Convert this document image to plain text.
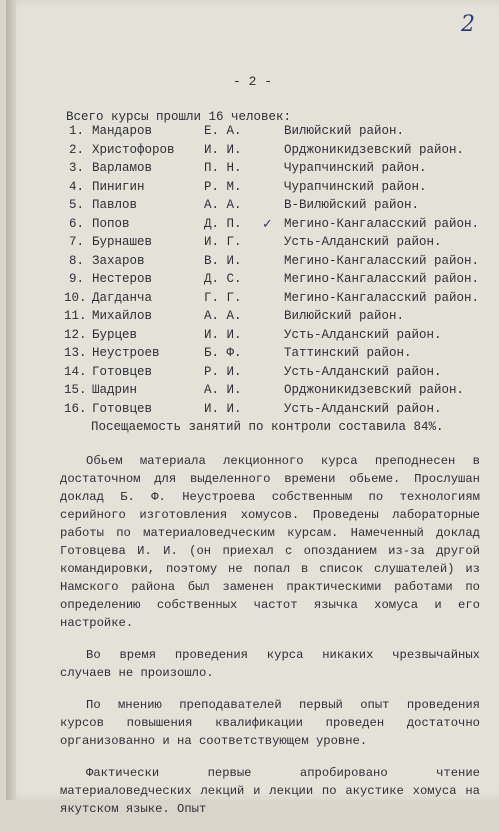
2
- 2 -
Всего курсы прошли 16 человек:
1. Мандаров	Е. А.	Вилюйский район.
2. Христофоров И. И.	Орджоникидзевский район.
3. Варламов	П. Н.	Чурапчинский район.
4. Пинигин	Р. М.	Чурапчинский район.
5. Павлов	А. А.	В-Вилюйский район.
6. Попов	Д. П.	Мегино-Кангаласский район.
7. Бурнашев	И. Г.	Усть-Алданский район.
8. Захаров	В. И.	Мегино-Кангаласский район.
9. Нестеров	Д. С.	Мегино-Кангаласский район.
10. Дагданча	Г. Г.	Мегино-Кангаласский район.
11. Михайлов	А. А.	Вилюйский район.
12. Бурцев	И. И.	Усть-Алданский район.
13. Неустроев	Б. Ф.	Таттинский район.
14. Готовцев	Р. И.	Усть-Алданский район.
15. Шадрин	А. И.	Орджоникидзевский район.
16. Готовцев	И. И.	Усть-Алданский район.
✓
Посещаемость занятий по контроли составила 84%.

Обьем материала лекционного курса преподнесен в достаточном для выделенного времени обьеме. Прослушан доклад Б. Ф. Неустроева собственным по технологиям серийного изготовления хомусов. Проведены лабораторные работы по материаловедческим курсам. Намеченный доклад Готовцева И. И. (он приехал с опозданием из-за другой командировки, поэтому не попал в список слушателей) из Намского района был заменен практическими работами по определению собственных частот язычка хомуса и его настройке.

Во время проведения курса никаких чрезвычайных случаев не произошло.

По мнению преподавателей первый опыт проведения курсов повышения квалификации проведен достаточно организованно и на соответствующем уровне.

Фактически первые апробировано чтение материаловедческих лекций и лекции по акустике хомуса на якутском языке. Опыт
